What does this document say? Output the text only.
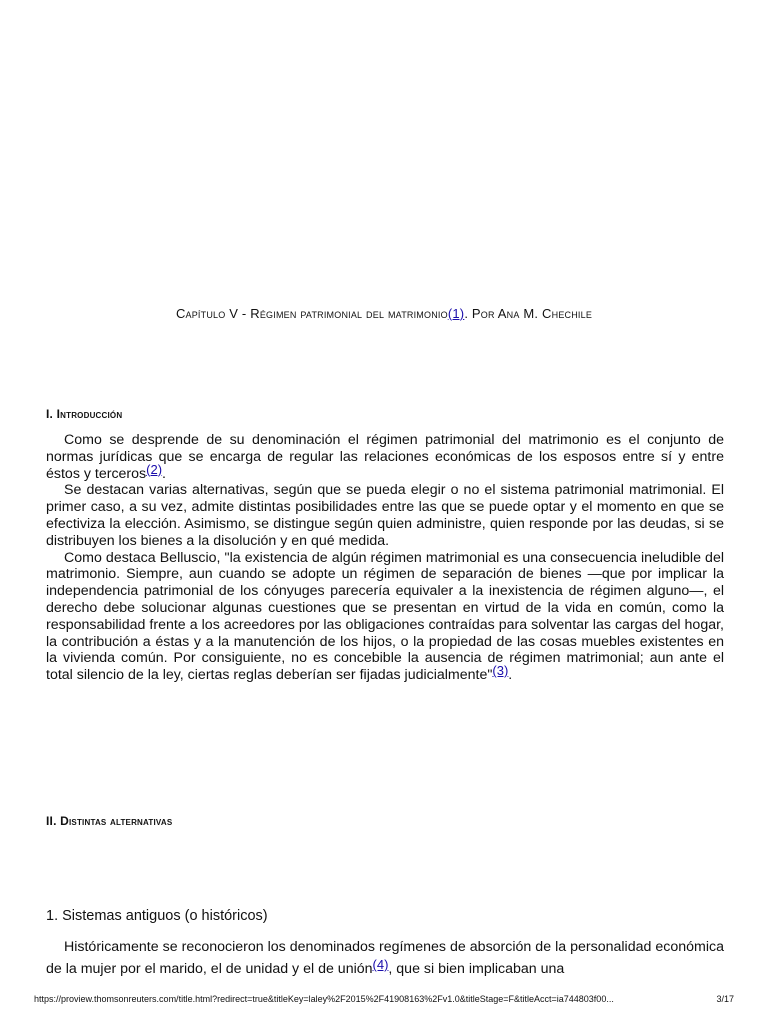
Capítulo V - Régimen patrimonial del matrimonio(1). Por Ana M. Chechile
I. Introducción

Como se desprende de su denominación el régimen patrimonial del matrimonio es el conjunto de normas jurídicas que se encarga de regular las relaciones económicas de los esposos entre sí y entre éstos y terceros(2).

Se destacan varias alternativas, según que se pueda elegir o no el sistema patrimonial matrimonial. El primer caso, a su vez, admite distintas posibilidades entre las que se puede optar y el momento en que se efectiviza la elección. Asimismo, se distingue según quien administre, quien responde por las deudas, si se distribuyen los bienes a la disolución y en qué medida.

Como destaca Belluscio, "la existencia de algún régimen matrimonial es una consecuencia ineludible del matrimonio. Siempre, aun cuando se adopte un régimen de separación de bienes —que por implicar la independencia patrimonial de los cónyuges parecería equivaler a la inexistencia de régimen alguno—, el derecho debe solucionar algunas cuestiones que se presentan en virtud de la vida en común, como la responsabilidad frente a los acreedores por las obligaciones contraídas para solventar las cargas del hogar, la contribución a éstas y a la manutención de los hijos, o la propiedad de las cosas muebles existentes en la vivienda común. Por consiguiente, no es concebible la ausencia de régimen matrimonial; aun ante el total silencio de la ley, ciertas reglas deberían ser fijadas judicialmente"(3).

II. Distintas alternativas
1. Sistemas antiguos (o históricos)

Históricamente se reconocieron los denominados regímenes de absorción de la personalidad económica de la mujer por el marido, el de unidad y el de unión(4), que si bien implicaban una

https://proview.thomsonreuters.com/title.html?redirect=true&titleKey=laley%2F2015%2F41908163%2Fv1.0&titleStage=F&titleAcct=ia744803f00...	3/17
